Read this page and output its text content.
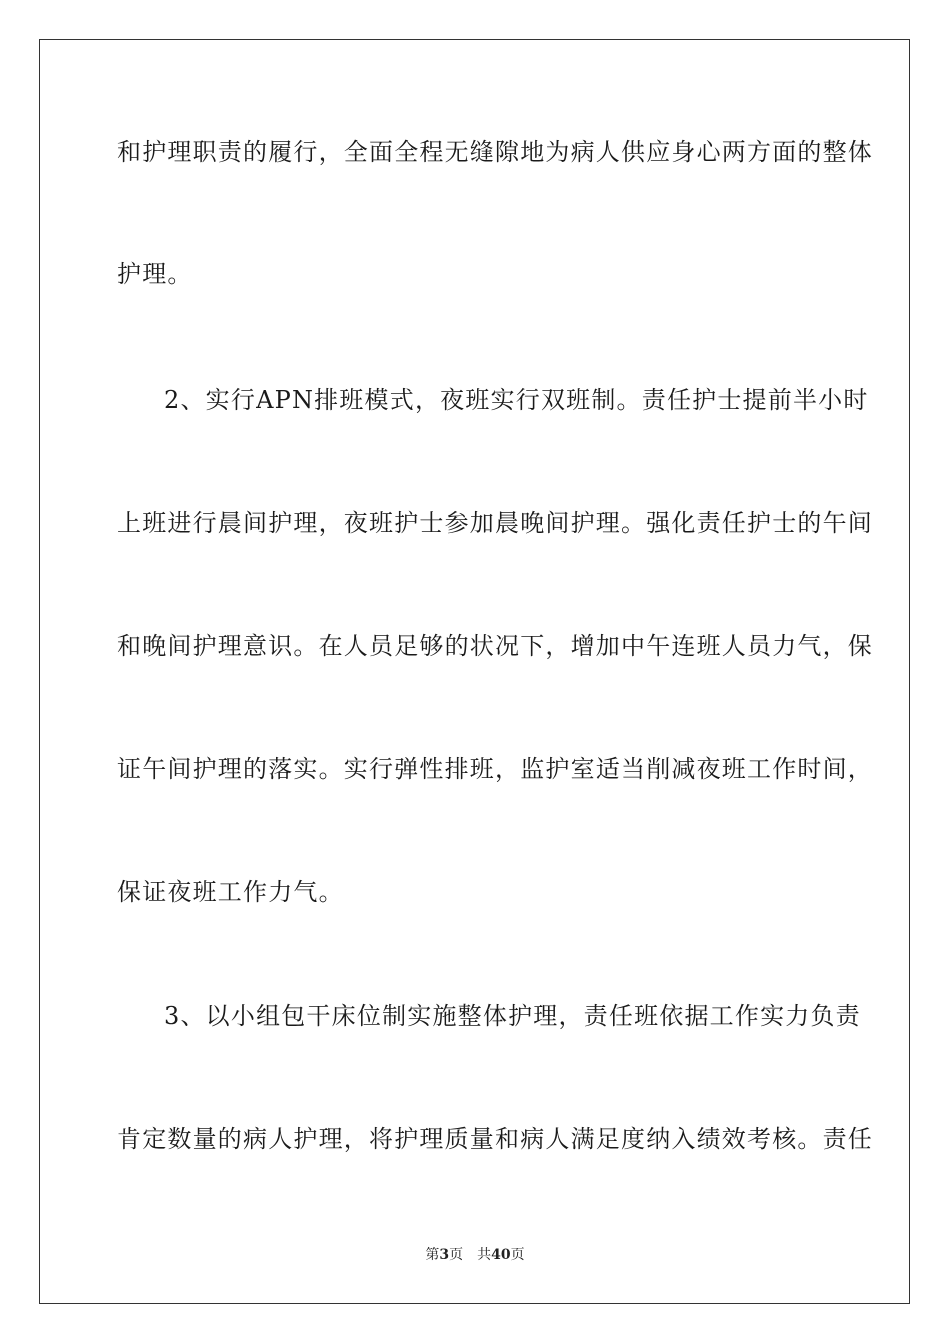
和护理职责的履行，全面全程无缝隙地为病人供应身心两方面的整体
护理。
2、实行APN排班模式，夜班实行双班制。责任护士提前半小时
上班进行晨间护理，夜班护士参加晨晚间护理。强化责任护士的午间
和晚间护理意识。在人员足够的状况下，增加中午连班人员力气，保
证午间护理的落实。实行弹性排班，监护室适当削减夜班工作时间，
保证夜班工作力气。
3、以小组包干床位制实施整体护理，责任班依据工作实力负责
肯定数量的病人护理，将护理质量和病人满足度纳入绩效考核。责任
第3页 共40页
